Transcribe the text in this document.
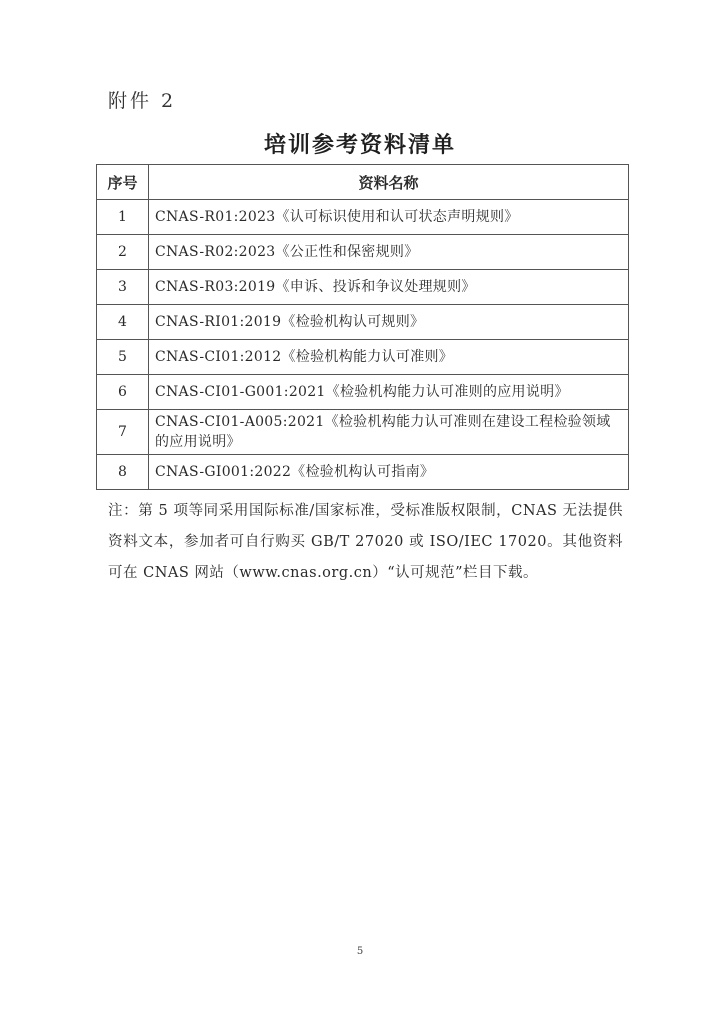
附件 2
培训参考资料清单
序号	资料名称
1	CNAS-R01:2023《认可标识使用和认可状态声明规则》
2	CNAS-R02:2023《公正性和保密规则》
3	CNAS-R03:2019《申诉、投诉和争议处理规则》
4	CNAS-RI01:2019《检验机构认可规则》
5	CNAS-CI01:2012《检验机构能力认可准则》
6	CNAS-CI01-G001:2021《检验机构能力认可准则的应用说明》
7	CNAS-CI01-A005:2021《检验机构能力认可准则在建设工程检验领域的应用说明》
8	CNAS-GI001:2022《检验机构认可指南》
注：第 5 项等同采用国际标准/国家标准，受标准版权限制，CNAS 无法提供资料文本，参加者可自行购买 GB/T 27020 或 ISO/IEC 17020。其他资料可在 CNAS 网站（www.cnas.org.cn）“认可规范”栏目下载。
5
